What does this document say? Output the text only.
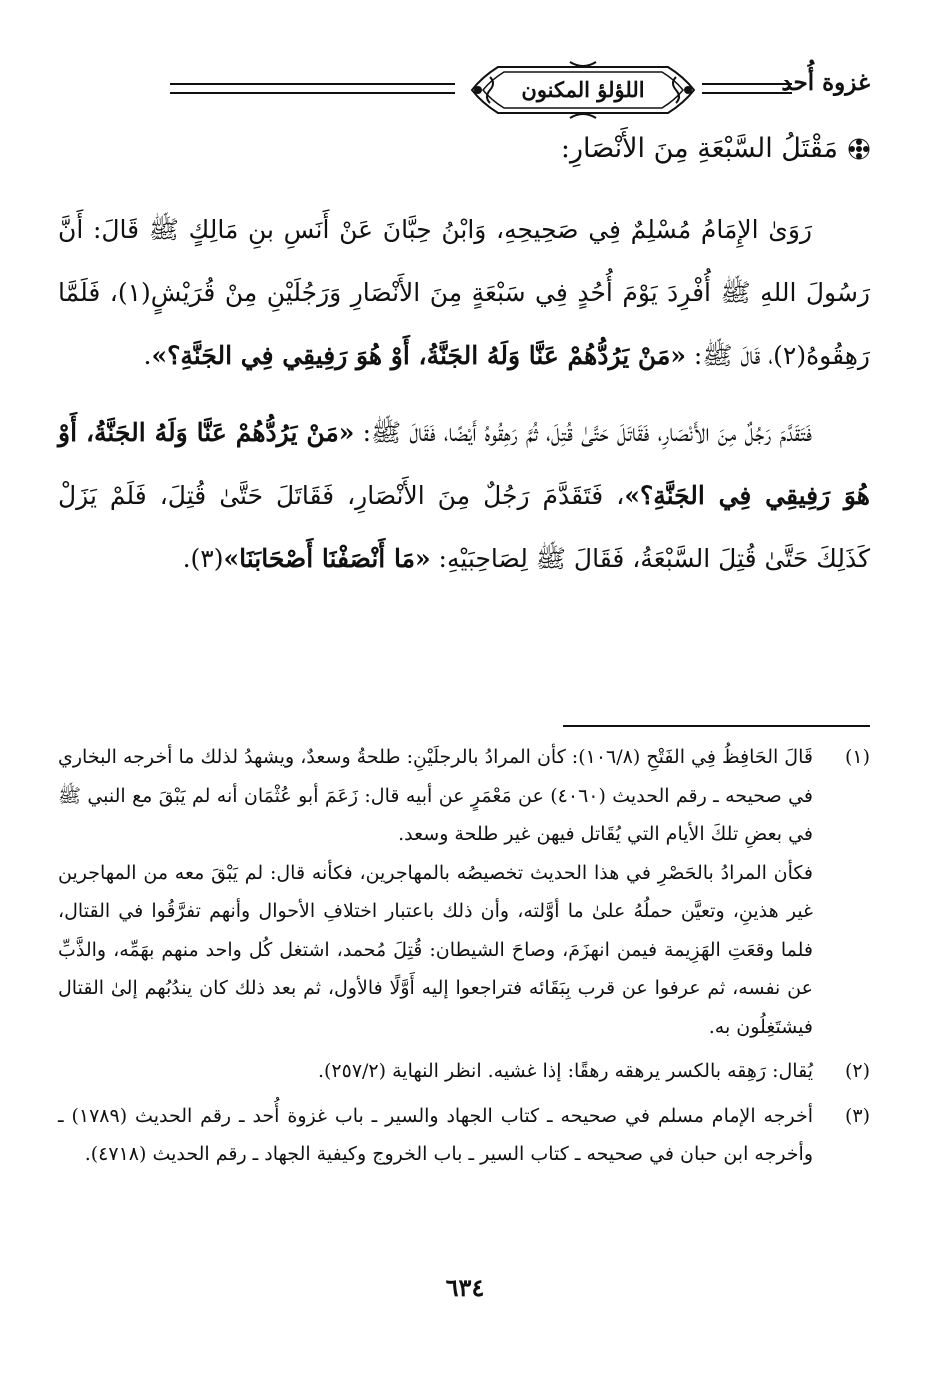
غزوة أُحد
اللؤلؤ المكنون
مَقْتَلُ السَّبْعَةِ مِنَ الأَنْصَارِ:

رَوَىٰ الإِمَامُ مُسْلِمٌ فِي صَحِيحِهِ، وَابْنُ حِبَّانَ عَنْ أَنَسِ بنِ مَالِكٍ ﷺ قَالَ: أَنَّ رَسُولَ اللهِ ﷺ أُفْرِدَ يَوْمَ أُحُدٍ فِي سَبْعَةٍ مِنَ الأَنْصَارِ وَرَجُلَيْنِ مِنْ قُرَيْشٍ(١)، فَلَمَّا رَهِقُوهُ(٢)، قَالَ ﷺ: «مَنْ يَرُدُّهُمْ عَنَّا وَلَهُ الجَنَّةُ، أَوْ هُوَ رَفِيقِي فِي الجَنَّةِ؟».

فَتَقَدَّمَ رَجُلٌ مِنَ الأَنْصَارِ، فَقَاتَلَ حَتَّىٰ قُتِلَ، ثُمَّ رَهِقُوهُ أَيْضًا، فَقَالَ ﷺ: «مَنْ يَرُدُّهُمْ عَنَّا وَلَهُ الجَنَّةُ، أَوْ هُوَ رَفِيقِي فِي الجَنَّةِ؟»، فَتَقَدَّمَ رَجُلٌ مِنَ الأَنْصَارِ، فَقَاتَلَ حَتَّىٰ قُتِلَ، فَلَمْ يَزَلْ كَذَلِكَ حَتَّىٰ قُتِلَ السَّبْعَةُ، فَقَالَ ﷺ لِصَاحِبَيْهِ: «مَا أَنْصَفْنَا أَصْحَابَنَا»(٣).

(١)
قَالَ الحَافِظُ فِي الفَتْحِ (١٠٦/٨): كأن المرادُ بالرجلَيْنِ: طلحةُ وسعدٌ، ويشهدُ لذلك ما أخرجه البخاري في صحيحه ـ رقم الحديث (٤٠٦٠) عن مَعْمَرٍ عن أبيه قال: زَعَمَ أبو عُثْمَان أنه لم يَبْقَ مع النبي ﷺ في بعضِ تلكَ الأيام التي يُقَاتل فيهن غير طلحة وسعد.
فكأن المرادُ بالحَصْرِ في هذا الحديث تخصيصُه بالمهاجرين، فكأنه قال: لم يَبْقَ معه من المهاجرين غير هذينِ، وتعيَّن حملُهُ علىٰ ما أوَّلته، وأن ذلك باعتبار اختلافِ الأحوال وأنهم تفرَّقُوا في القتال، فلما وقعَتِ الهَزِيمة فيمن انهزَمَ، وصاحَ الشيطان: قُتِلَ مُحمد، اشتغل كُل واحد منهم بهَمِّه، والذَّبِّ عن نفسه، ثم عرفوا عن قرب بِبَقَائه فتراجعوا إليه أَوَّلًا فالأول، ثم بعد ذلك كان يندُبُهم إلىٰ القتال فيشتَغِلُون به.
(٢)
يُقال: رَهِقه بالكسر يرهقه رهقًا: إذا غشيه. انظر النهاية (٢٥٧/٢).
(٣)
أخرجه الإمام مسلم في صحيحه ـ كتاب الجهاد والسير ـ باب غزوة أُحد ـ رقم الحديث (١٧٨٩) ـ وأخرجه ابن حبان في صحيحه ـ كتاب السير ـ باب الخروج وكيفية الجهاد ـ رقم الحديث (٤٧١٨).
٦٣٤
